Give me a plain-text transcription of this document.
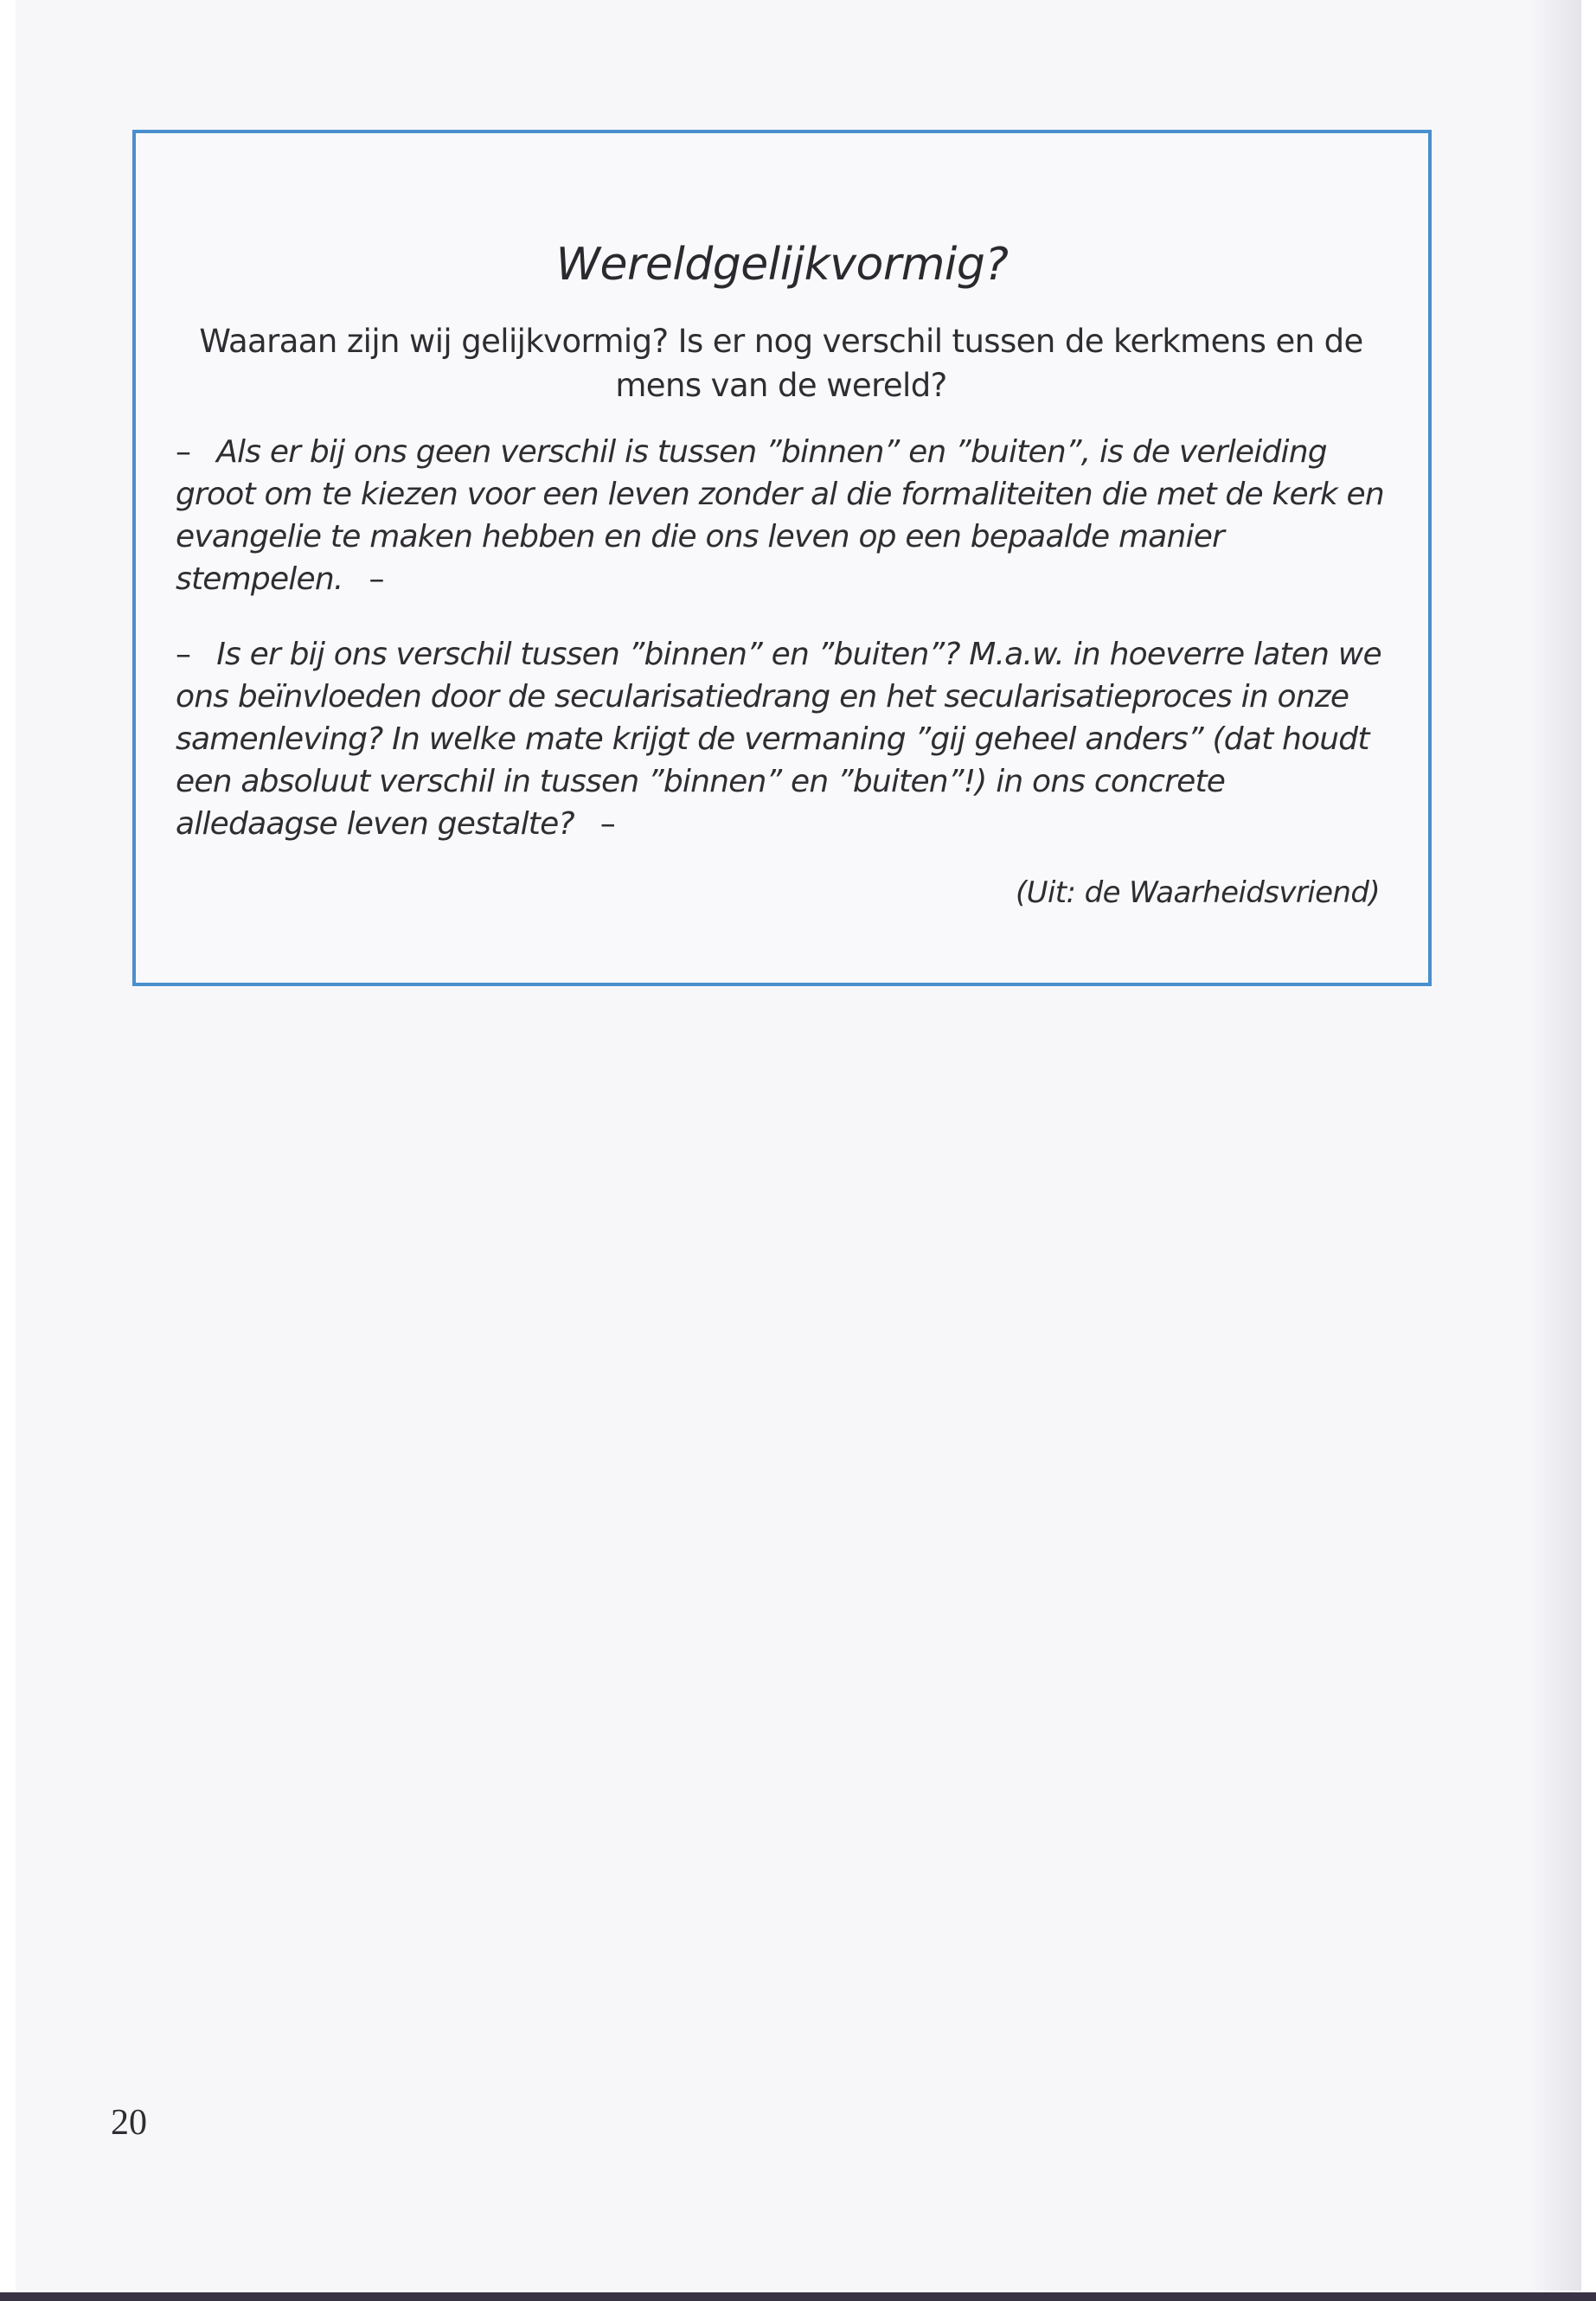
Wereldgelijkvormig?
Waaraan zijn wij gelijkvormig? Is er nog verschil tussen de kerkmens en de mens van de wereld?
– Als er bij ons geen verschil is tussen ”binnen” en ”buiten”, is de verleiding groot om te kiezen voor een leven zonder al die formaliteiten die met de kerk en evangelie te maken hebben en die ons leven op een bepaalde manier stempelen. –
– Is er bij ons verschil tussen ”binnen” en ”buiten”? M.a.w. in hoeverre laten we ons beïnvloeden door de secularisatiedrang en het secularisatieproces in onze samenleving? In welke mate krijgt de vermaning ”gij geheel anders” (dat houdt een absoluut verschil in tussen ”binnen” en ”buiten”!) in ons concrete alledaagse leven gestalte? –
(Uit: de Waarheidsvriend)
20
